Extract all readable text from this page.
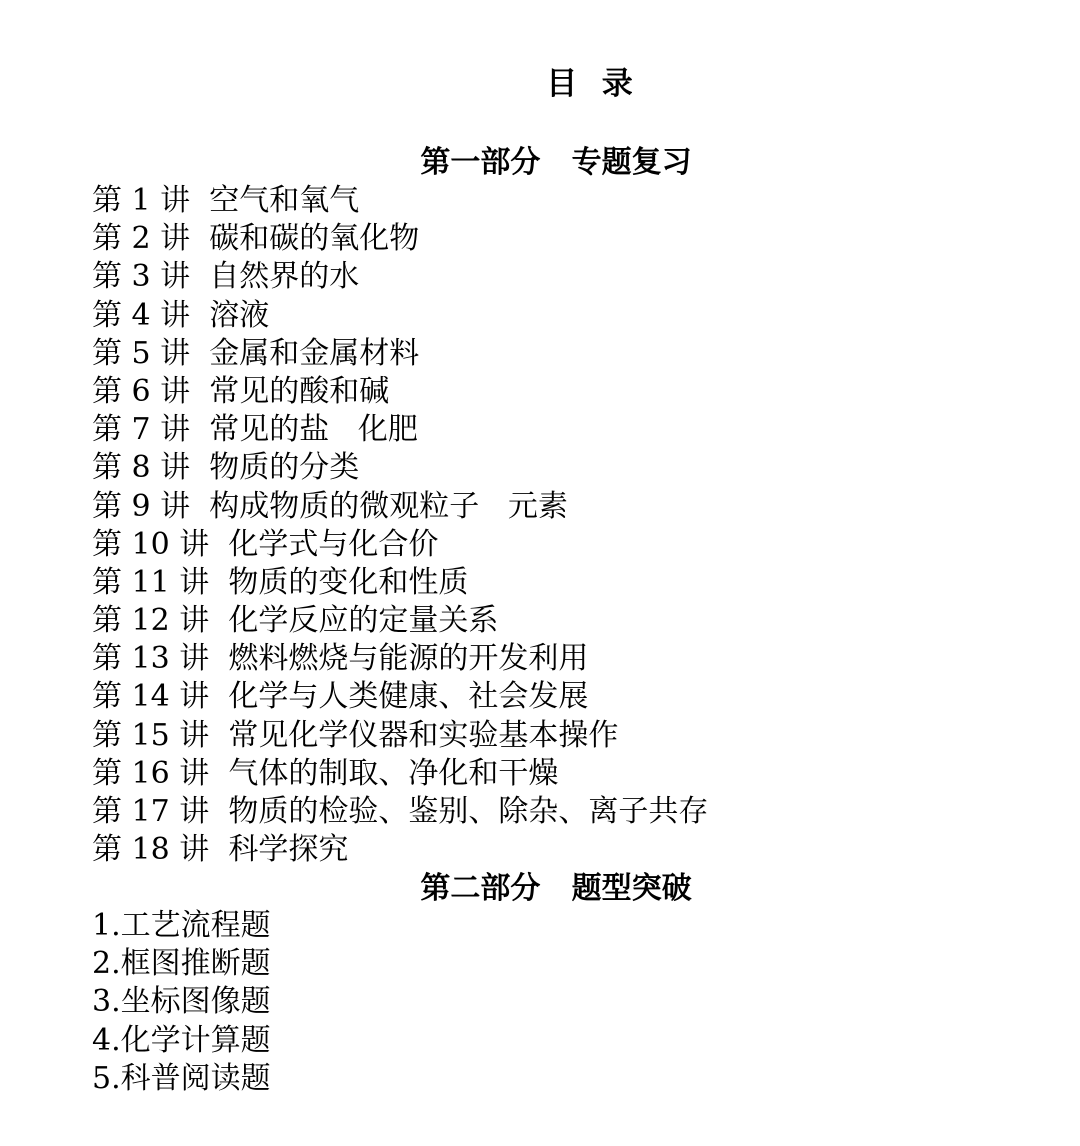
目  录
第一部分   专题复习
第 1 讲  空气和氧气
第 2 讲  碳和碳的氧化物
第 3 讲  自然界的水
第 4 讲  溶液
第 5 讲  金属和金属材料
第 6 讲  常见的酸和碱
第 7 讲  常见的盐   化肥
第 8 讲  物质的分类
第 9 讲  构成物质的微观粒子   元素
第 10 讲  化学式与化合价
第 11 讲  物质的变化和性质
第 12 讲  化学反应的定量关系
第 13 讲  燃料燃烧与能源的开发利用
第 14 讲  化学与人类健康、社会发展
第 15 讲  常见化学仪器和实验基本操作
第 16 讲  气体的制取、净化和干燥
第 17 讲  物质的检验、鉴别、除杂、离子共存
第 18 讲  科学探究
第二部分   题型突破
1.工艺流程题
2.框图推断题
3.坐标图像题
4.化学计算题
5.科普阅读题
